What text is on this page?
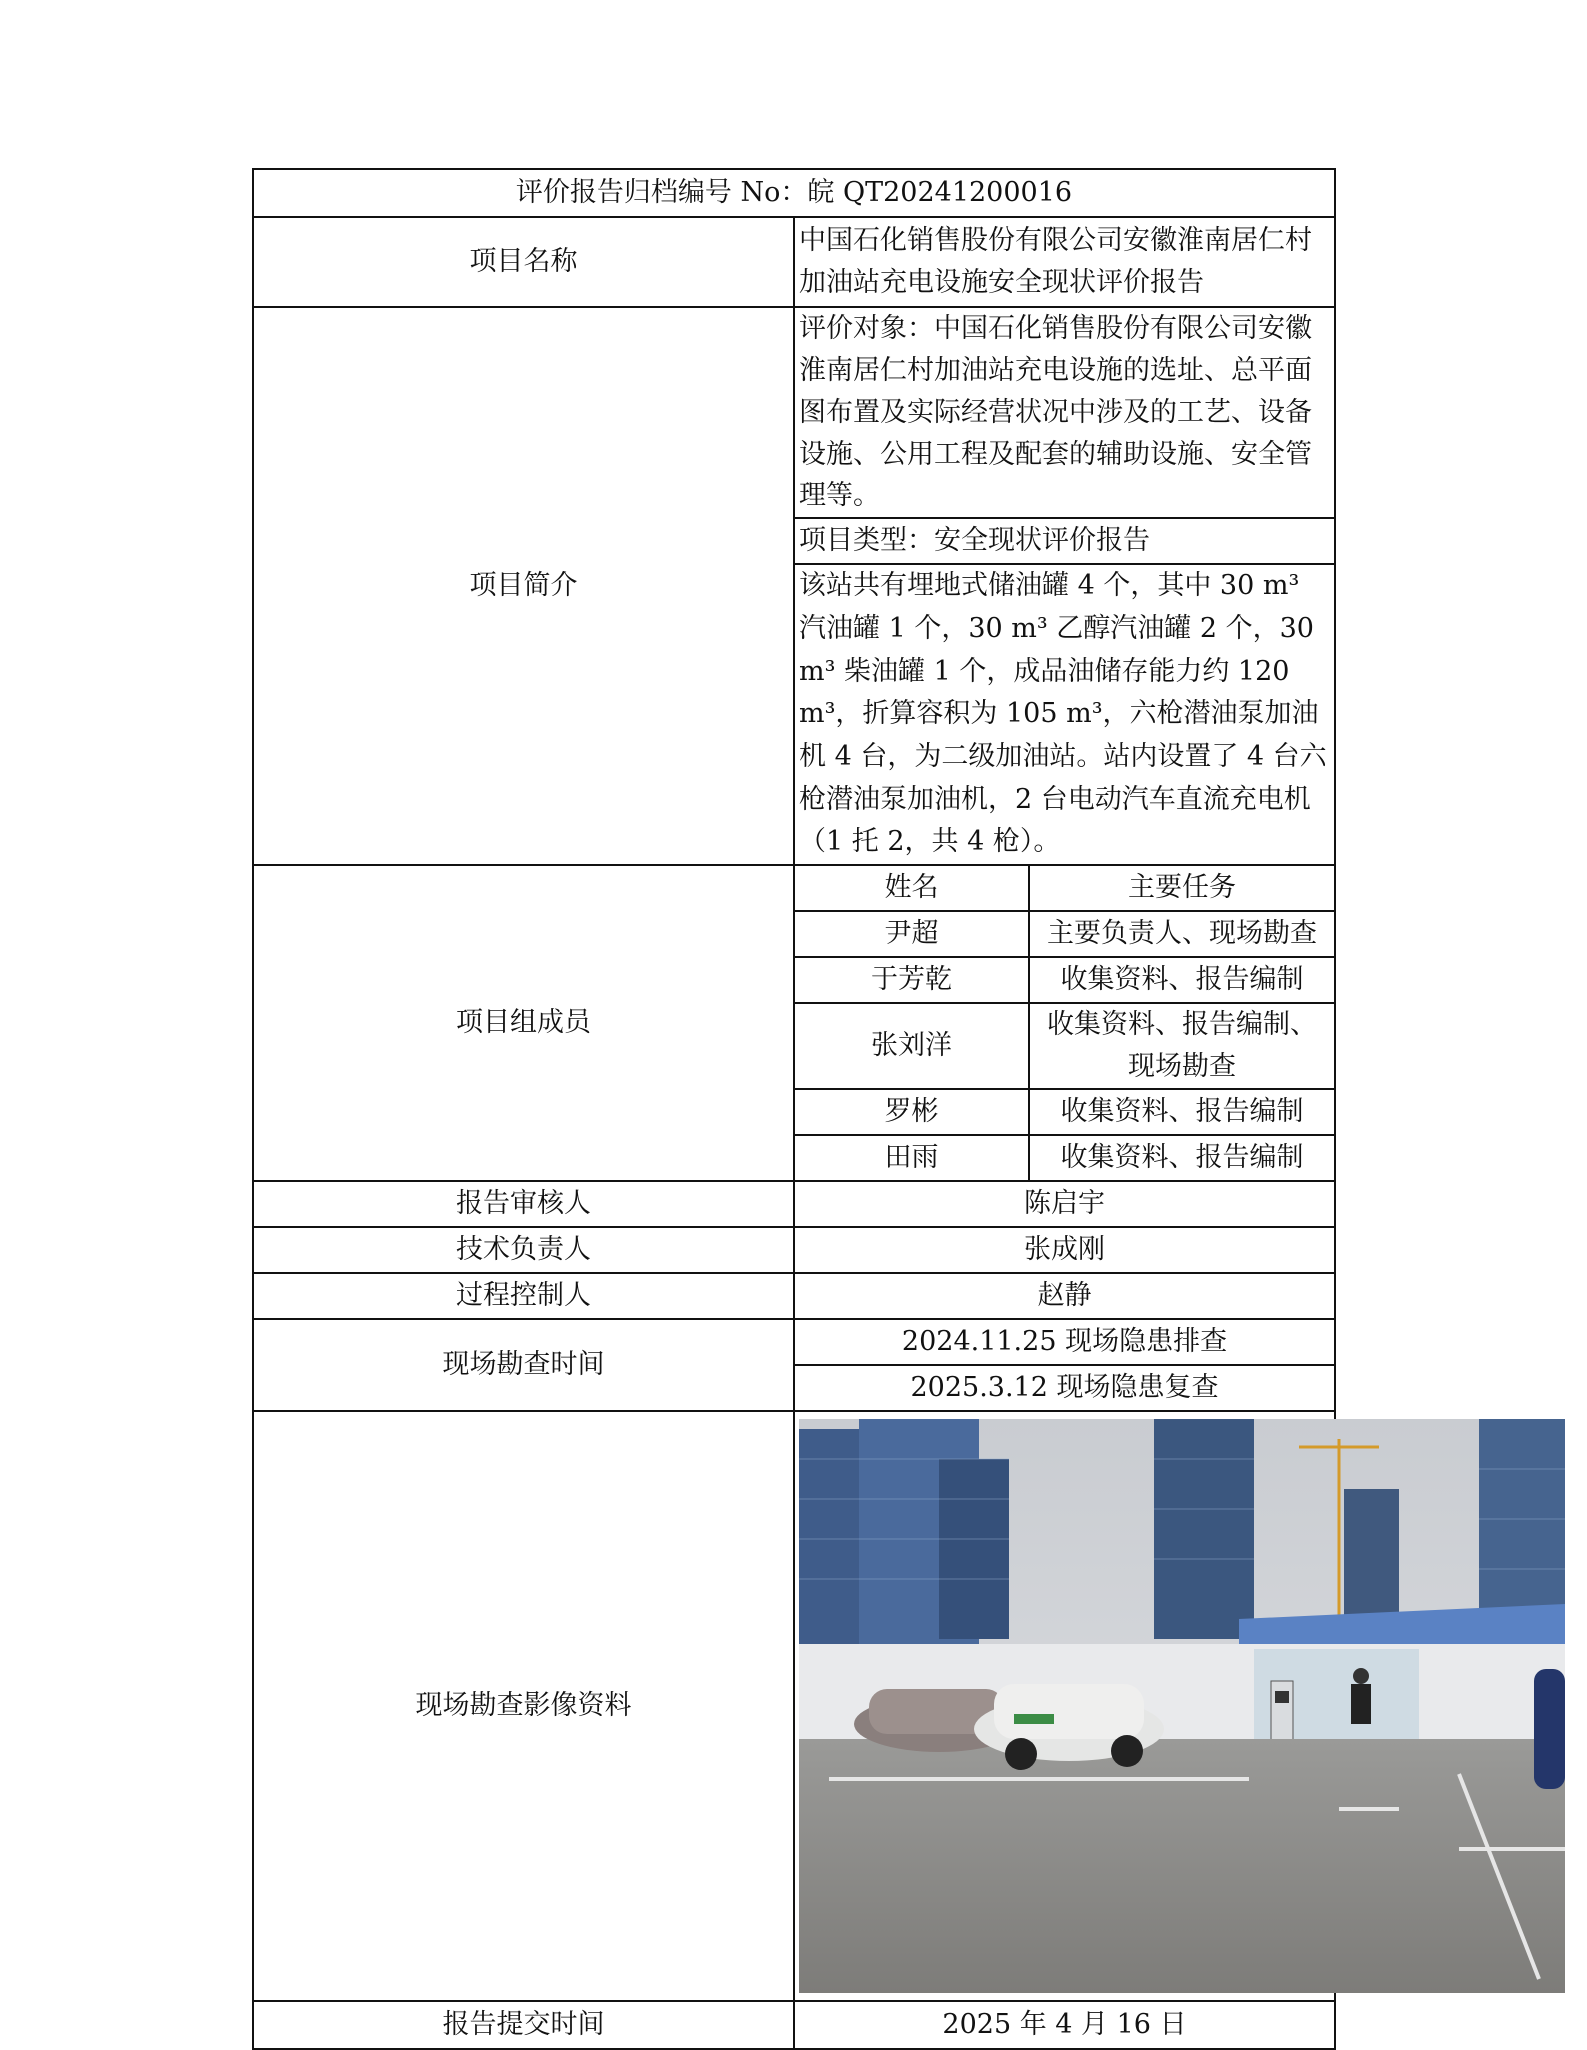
评价报告归档编号 No：皖 QT20241200016
项目名称	中国石化销售股份有限公司安徽淮南居仁村加油站充电设施安全现状评价报告
项目简介	评价对象：中国石化销售股份有限公司安徽淮南居仁村加油站充电设施的选址、总平面图布置及实际经营状况中涉及的工艺、设备设施、公用工程及配套的辅助设施、安全管理等。
项目类型：安全现状评价报告
该站共有埋地式储油罐 4 个，其中 30 m³ 汽油罐 1 个，30 m³ 乙醇汽油罐 2 个，30 m³ 柴油罐 1 个，成品油储存能力约 120 m³，折算容积为 105 m³，六枪潜油泵加油机 4 台，为二级加油站。站内设置了 4 台六枪潜油泵加油机，2 台电动汽车直流充电机（1 托 2，共 4 枪）。

项目组成员

姓名	主要任务
尹超	主要负责人、现场勘查
于芳乾	收集资料、报告编制
张刘洋	收集资料、报告编制、现场勘查
罗彬	收集资料、报告编制
田雨	收集资料、报告编制

报告审核人	陈启宇
技术负责人	张成刚
过程控制人	赵静
现场勘查时间	2024.11.25 现场隐患排查
2025.3.12 现场隐患复查
现场勘查影像资料	

报告提交时间	2025 年 4 月 16 日
